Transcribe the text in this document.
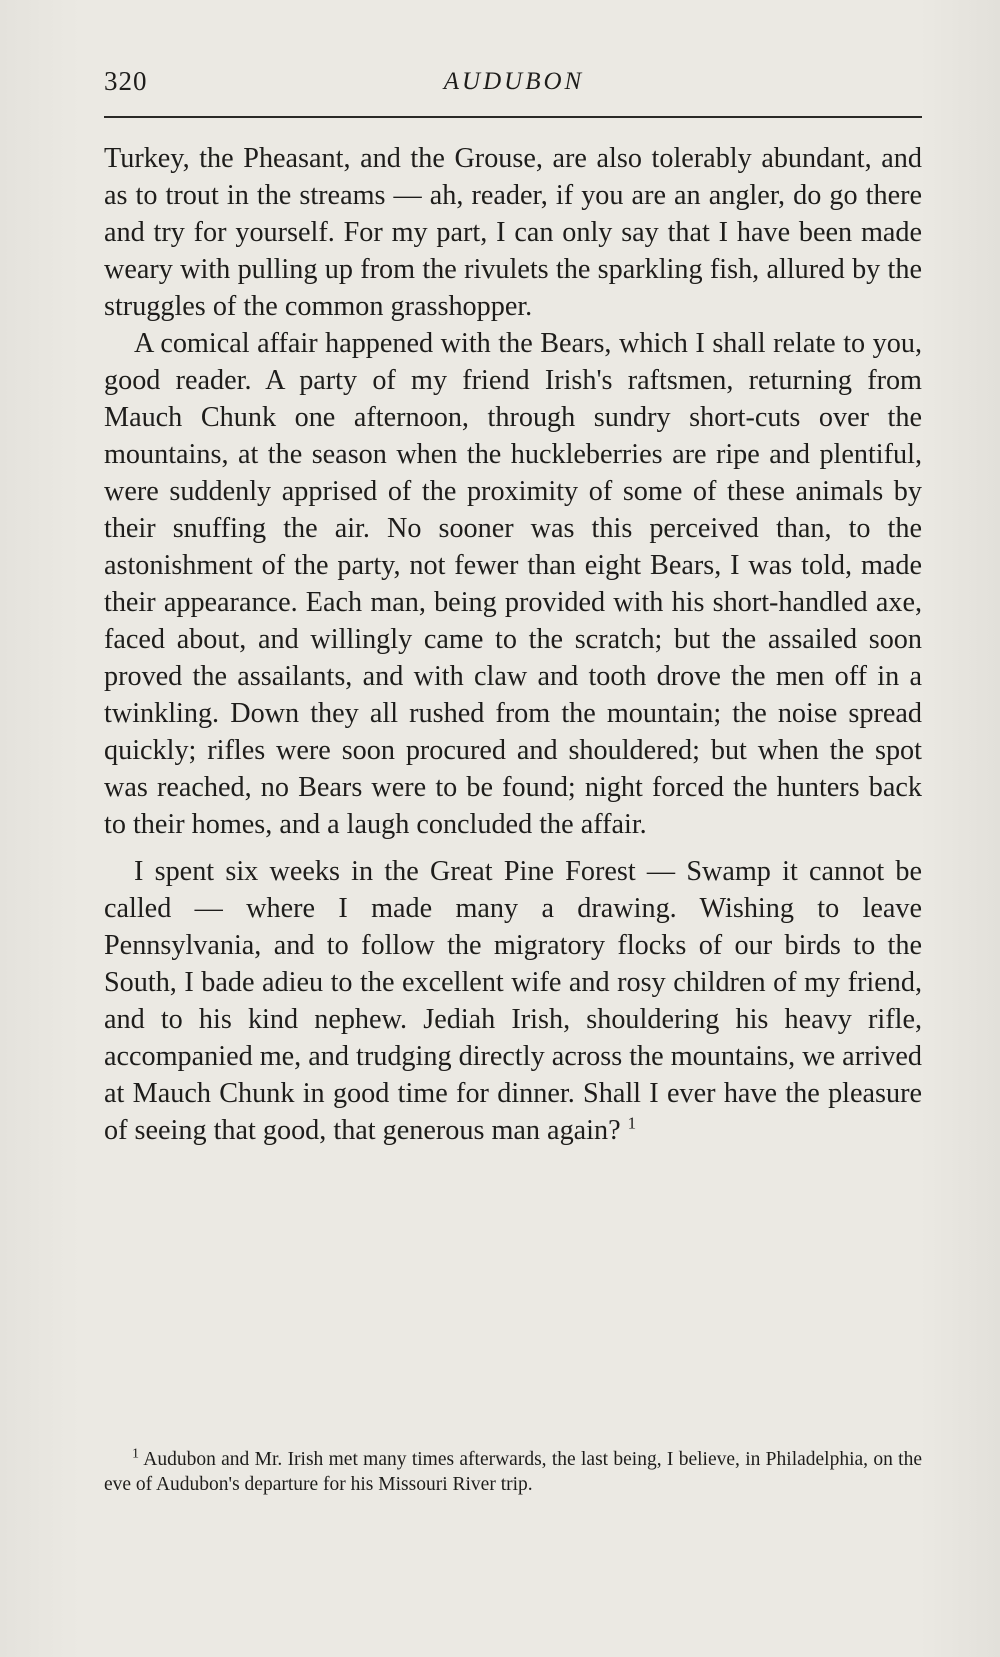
320	AUDUBON

Turkey, the Pheasant, and the Grouse, are also tolerably abundant, and as to trout in the streams — ah, reader, if you are an angler, do go there and try for yourself. For my part, I can only say that I have been made weary with pulling up from the rivulets the sparkling fish, allured by the struggles of the common grasshopper.

A comical affair happened with the Bears, which I shall relate to you, good reader. A party of my friend Irish's raftsmen, returning from Mauch Chunk one afternoon, through sundry short-cuts over the mountains, at the season when the huckleberries are ripe and plentiful, were suddenly apprised of the proximity of some of these animals by their snuffing the air. No sooner was this perceived than, to the astonishment of the party, not fewer than eight Bears, I was told, made their appearance. Each man, being provided with his short-handled axe, faced about, and willingly came to the scratch; but the assailed soon proved the assailants, and with claw and tooth drove the men off in a twinkling. Down they all rushed from the mountain; the noise spread quickly; rifles were soon procured and shouldered; but when the spot was reached, no Bears were to be found; night forced the hunters back to their homes, and a laugh concluded the affair.

I spent six weeks in the Great Pine Forest — Swamp it cannot be called — where I made many a drawing. Wishing to leave Pennsylvania, and to follow the migratory flocks of our birds to the South, I bade adieu to the excellent wife and rosy children of my friend, and to his kind nephew. Jediah Irish, shouldering his heavy rifle, accompanied me, and trudging directly across the mountains, we arrived at Mauch Chunk in good time for dinner. Shall I ever have the pleasure of seeing that good, that generous man again? $^1$

$^1$ Audubon and Mr. Irish met many times afterwards, the last being, I believe, in Philadelphia, on the eve of Audubon's departure for his Missouri River trip.
